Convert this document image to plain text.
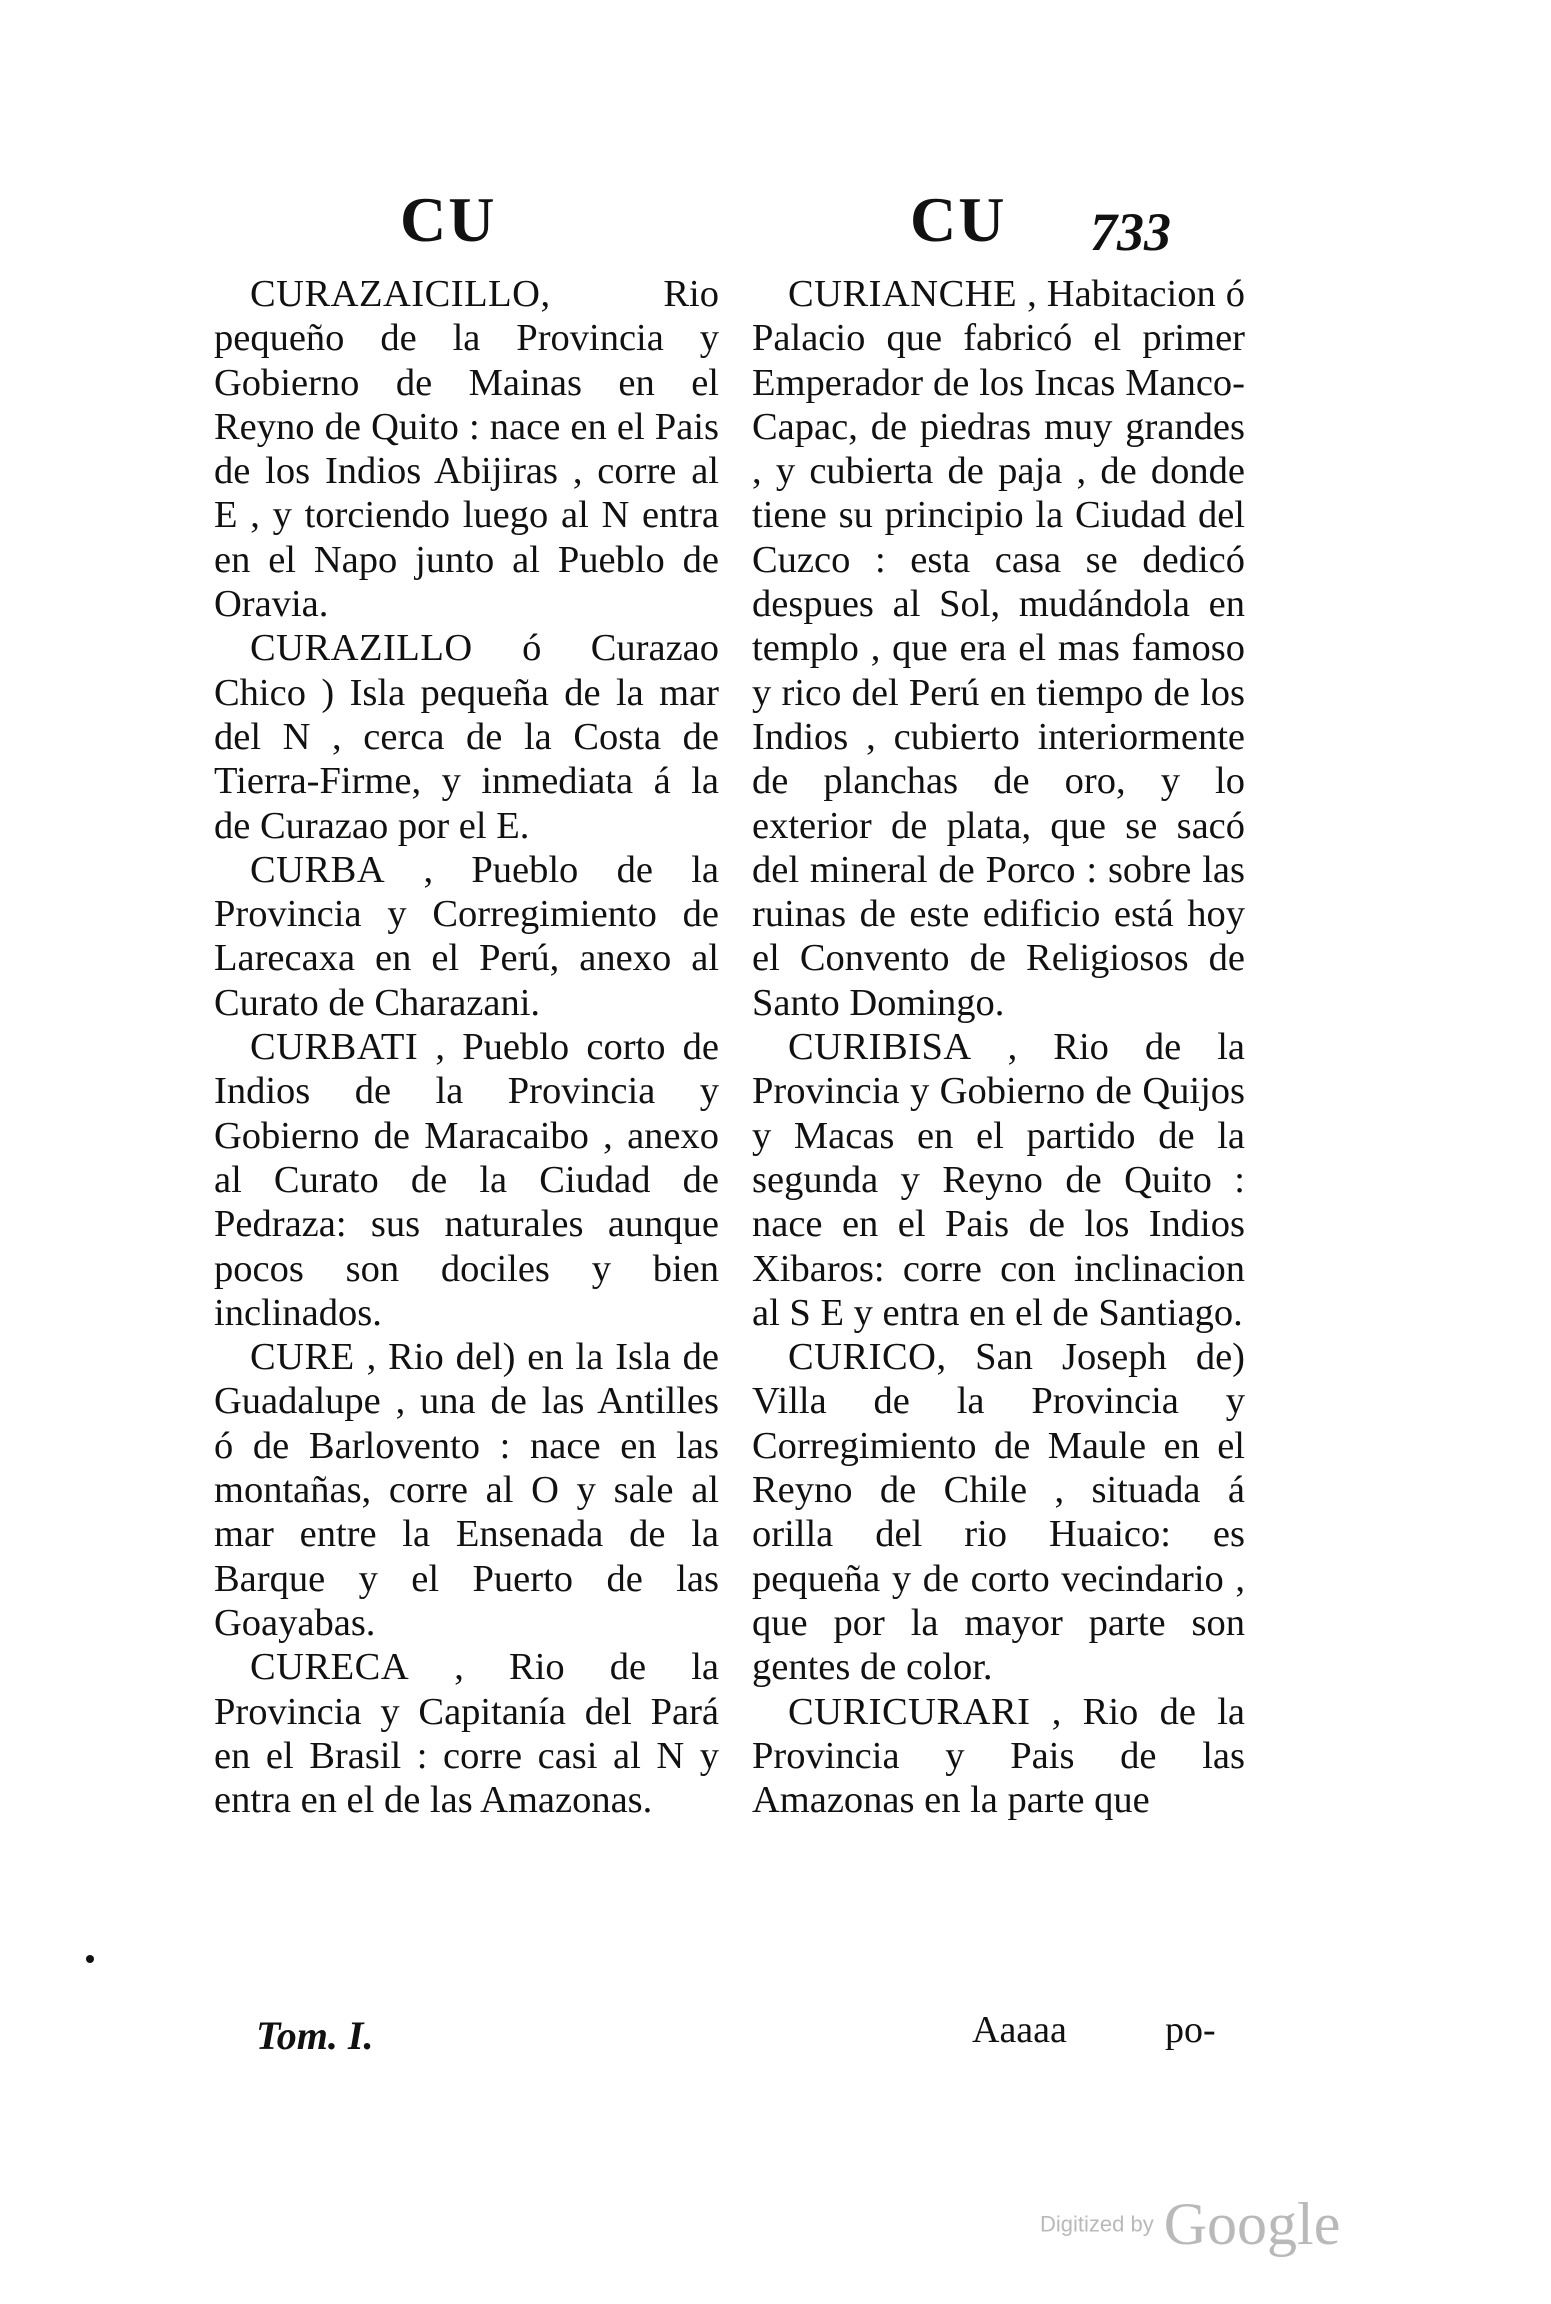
CU	CU 733

CURAZAICILLO, Rio pequeño de la Provincia y Gobierno de Mainas en el Reyno de Quito : nace en el Pais de los Indios Abijiras , corre al E , y torciendo luego al N entra en el Napo junto al Pueblo de Oravia.

CURAZILLO ó Curazao Chico ) Isla pequeña de la mar del N , cerca de la Costa de Tierra-Firme, y inmediata á la de Curazao por el E.

CURBA , Pueblo de la Provincia y Corregimiento de Larecaxa en el Perú, anexo al Curato de Charazani.

CURBATI , Pueblo corto de Indios de la Provincia y Gobierno de Maracaibo , anexo al Curato de la Ciudad de Pedraza: sus naturales aunque pocos son dociles y bien inclinados.

CURE , Rio del) en la Isla de Guadalupe , una de las Antilles ó de Barlovento : nace en las montañas, corre al O y sale al mar entre la Ensenada de la Barque y el Puerto de las Goayabas.

CURECA , Rio de la Provincia y Capitanía del Pará en el Brasil : corre casi al N y entra en el de las Amazonas.

CURIANCHE , Habitacion ó Palacio que fabricó el primer Emperador de los Incas Manco-Capac, de piedras muy grandes , y cubierta de paja , de donde tiene su principio la Ciudad del Cuzco : esta casa se dedicó despues al Sol, mudándola en templo , que era el mas famoso y rico del Perú en tiempo de los Indios , cubierto interiormente de planchas de oro, y lo exterior de plata, que se sacó del mineral de Porco : sobre las ruinas de este edificio está hoy el Convento de Religiosos de Santo Domingo.

CURIBISA , Rio de la Provincia y Gobierno de Quijos y Macas en el partido de la segunda y Reyno de Quito : nace en el Pais de los Indios Xibaros: corre con inclinacion al S E y entra en el de Santiago.

CURICO, San Joseph de) Villa de la Provincia y Corregimiento de Maule en el Reyno de Chile , situada á orilla del rio Huaico: es pequeña y de corto vecindario , que por la mayor parte son gentes de color.

CURICURARI , Rio de la Provincia y Pais de las Amazonas en la parte que

Tom. I.	Aaaaa	po-
Digitized by Google
